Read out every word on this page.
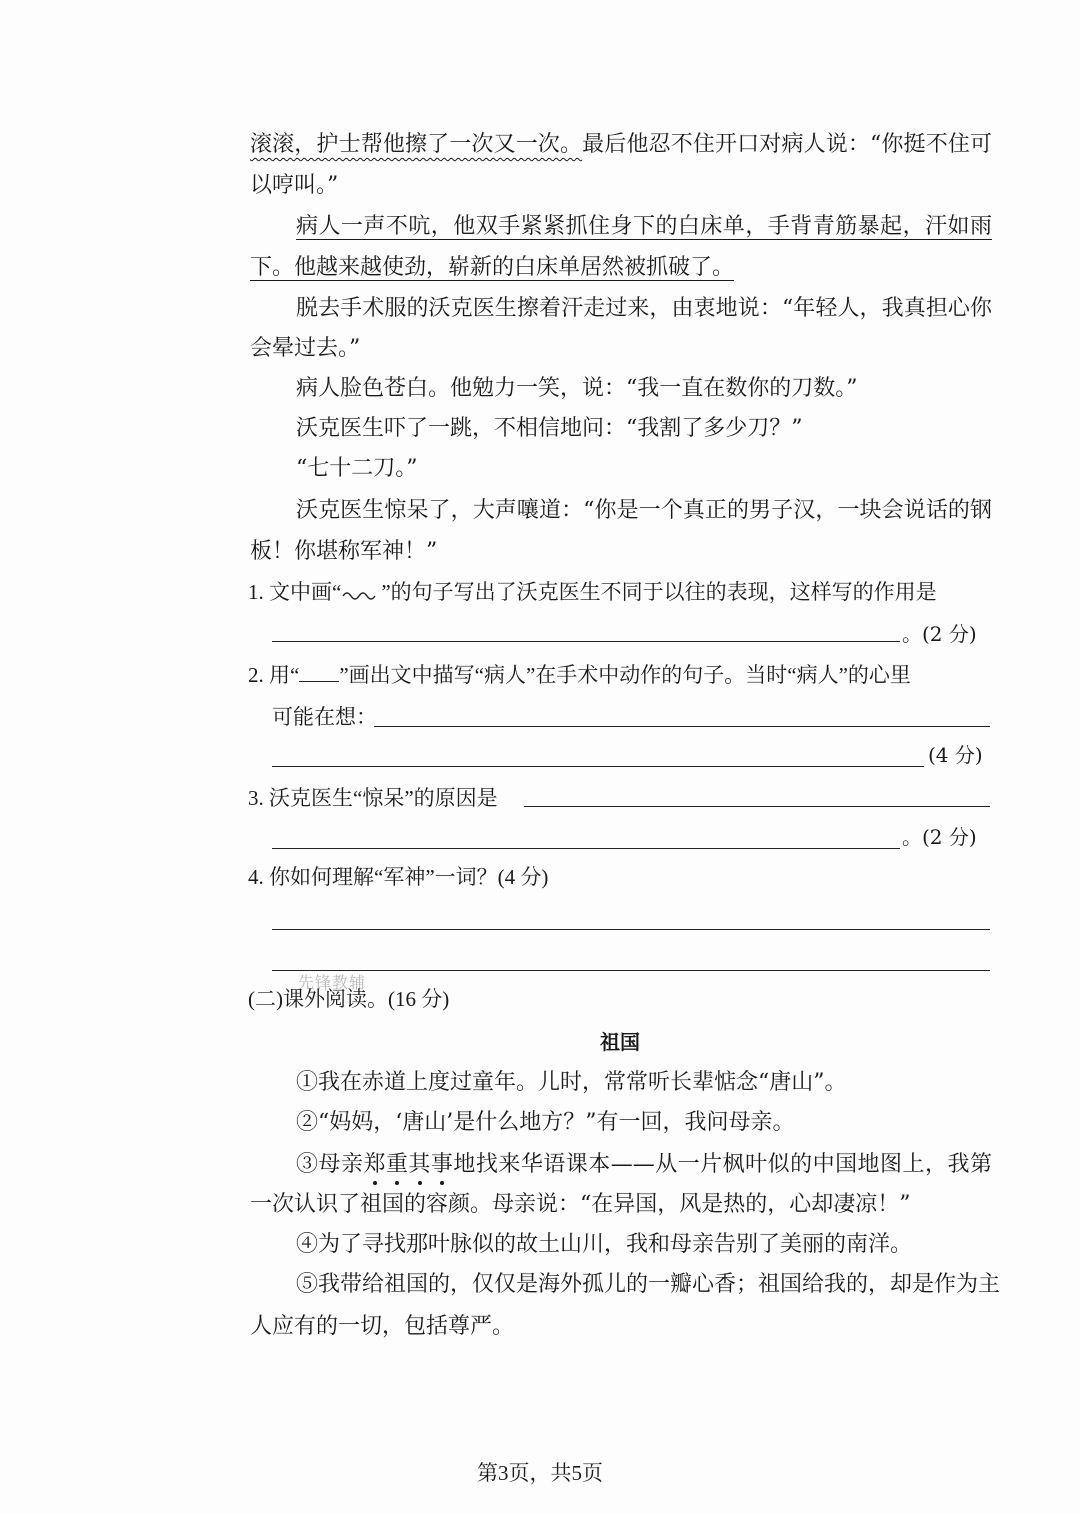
滚滚，护士帮他擦了一次又一次。最后他忍不住开口对病人说：“你挺不住可
以哼叫。”
病人一声不吭，他双手紧紧抓住身下的白床单，手背青筋暴起，汗如雨
下。他越来越使劲，崭新的白床单居然被抓破了。
脱去手术服的沃克医生擦着汗走过来，由衷地说：“年轻人，我真担心你
会晕过去。”
病人脸色苍白。他勉力一笑，说：“我一直在数你的刀数。”
沃克医生吓了一跳，不相信地问：“我割了多少刀？”
“七十二刀。”
沃克医生惊呆了，大声嚷道：“你是一个真正的男子汉，一块会说话的钢
板！你堪称军神！”
1. 文中画“ ”的句子写出了沃克医生不同于以往的表现，这样写的作用是
。(2 分)
2. 用“ ”画出文中描写“病人”在手术中动作的句子。当时“病人”的心里
可能在想：
(4 分)
3. 沃克医生“惊呆”的原因是
。(2 分)
4. 你如何理解“军神”一词？(4 分)
先锋教辅
(二)课外阅读。(16 分)
祖国
①我在赤道上度过童年。儿时，常常听长辈惦念“唐山”。
②“妈妈，‘唐山’是什么地方？”有一回，我问母亲。
③母亲郑重其事地找来华语课本——从一片枫叶似的中国地图上，我第
一次认识了祖国的容颜。母亲说：“在异国，风是热的，心却凄凉！”
④为了寻找那叶脉似的故土山川，我和母亲告别了美丽的南洋。
⑤我带给祖国的，仅仅是海外孤儿的一瓣心香；祖国给我的，却是作为主
人应有的一切，包括尊严。
第3页，共5页
